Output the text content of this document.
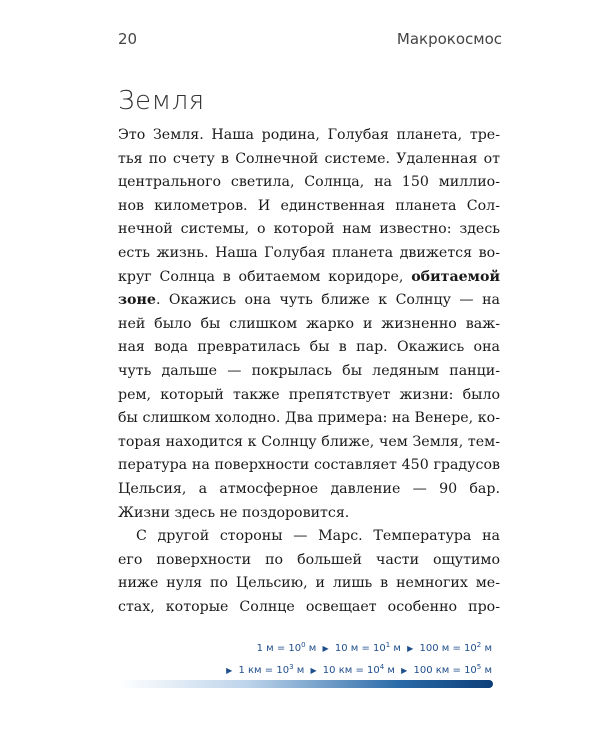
20	Макрокосмос
Земля
Это Земля. Наша родина, Голубая планета, тре-
тья по счету в Солнечной системе. Удаленная от
центрального светила, Солнца, на 150 миллио-
нов километров. И единственная планета Сол-
нечной системы, о которой нам известно: здесь
есть жизнь. Наша Голубая планета движется во-
круг Солнца в обитаемом коридоре, обитаемой
зоне. Окажись она чуть ближе к Солнцу — на
ней было бы слишком жарко и жизненно важ-
ная вода превратилась бы в пар. Окажись она
чуть дальше — покрылась бы ледяным панци-
рем, который также препятствует жизни: было
бы слишком холодно. Два примера: на Венере, ко-
торая находится к Солнцу ближе, чем Земля, тем-
пература на поверхности составляет 450 градусов
Цельсия, а атмосферное давление — 90 бар.
Жизни здесь не поздоровится.
С другой стороны — Марс. Температура на
его поверхности по большей части ощутимо
ниже нуля по Цельсию, и лишь в немногих ме-
стах, которые Солнце освещает особенно про-
1 $м = 10^0$ м ▶ 10 $м = 10^1$ м ▶ 100 $м = 10^2$ м
▶ 1 км = $10^3$ м ▶ 10 км = $10^4$ м ▶ 100 км = $10^5$ м
